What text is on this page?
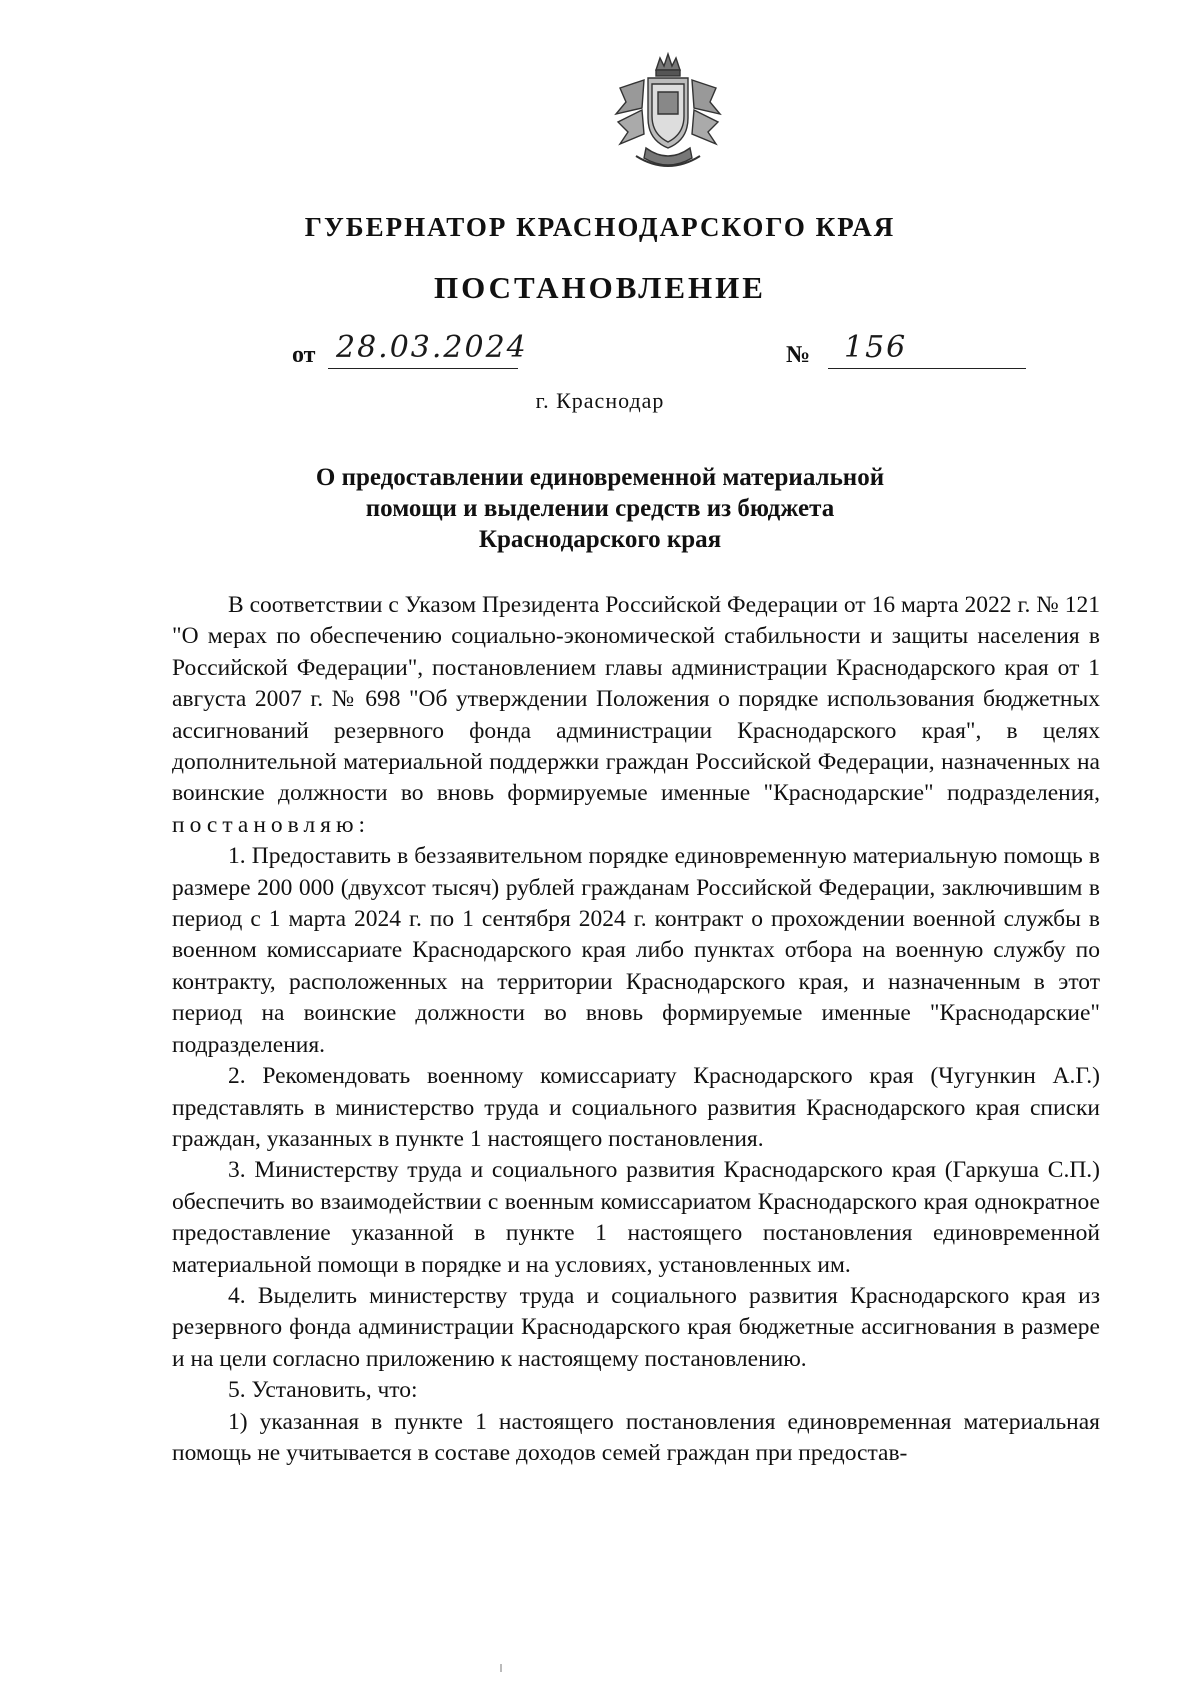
ГУБЕРНАТОР КРАСНОДАРСКОГО КРАЯ
ПОСТАНОВЛЕНИЕ
от 28.03.2024	№ 156
г. Краснодар
О предоставлении единовременной материальной
помощи и выделении средств из бюджета
Краснодарского края

В соответствии с Указом Президента Российской Федерации от 16 марта 2022 г. № 121 "О мерах по обеспечению социально-экономической стабильности и защиты населения в Российской Федерации", постановлением главы администрации Краснодарского края от 1 августа 2007 г. № 698 "Об утверждении Положения о порядке использования бюджетных ассигнований резервного фонда администрации Краснодарского края", в целях дополнительной материальной поддержки граждан Российской Федерации, назначенных на воинские должности во вновь формируемые именные "Краснодарские" подразделения, постановляю:

1. Предоставить в беззаявительном порядке единовременную материальную помощь в размере 200 000 (двухсот тысяч) рублей гражданам Российской Федерации, заключившим в период с 1 марта 2024 г. по 1 сентября 2024 г. контракт о прохождении военной службы в военном комиссариате Краснодарского края либо пунктах отбора на военную службу по контракту, расположенных на территории Краснодарского края, и назначенным в этот период на воинские должности во вновь формируемые именные "Краснодарские" подразделения.

2. Рекомендовать военному комиссариату Краснодарского края (Чугункин А.Г.) представлять в министерство труда и социального развития Краснодарского края списки граждан, указанных в пункте 1 настоящего постановления.

3. Министерству труда и социального развития Краснодарского края (Гаркуша С.П.) обеспечить во взаимодействии с военным комиссариатом Краснодарского края однократное предоставление указанной в пункте 1 настоящего постановления единовременной материальной помощи в порядке и на условиях, установленных им.

4. Выделить министерству труда и социального развития Краснодарского края из резервного фонда администрации Краснодарского края бюджетные ассигнования в размере и на цели согласно приложению к настоящему постановлению.

5. Установить, что:

1) указанная в пункте 1 настоящего постановления единовременная материальная помощь не учитывается в составе доходов семей граждан при предостав-
